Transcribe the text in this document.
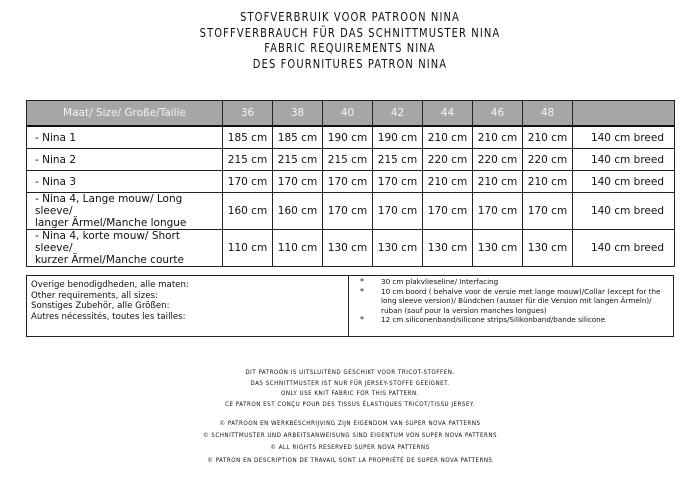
STOFVERBRUIK VOOR PATROON NINA
STOFFVERBRAUCH FÜR DAS SCHNITTMUSTER NINA
FABRIC REQUIREMENTS NINA
DES FOURNITURES PATRON NINA
Maat/ Size/ Große/Taille	36	38	40	42	44	46	48	
- Nina 1	185 cm	185 cm	190 cm	190 cm	210 cm	210 cm	210 cm	140 cm breed
- Nina 2	215 cm	215 cm	215 cm	215 cm	220 cm	220 cm	220 cm	140 cm breed
- Nina 3	170 cm	170 cm	170 cm	170 cm	210 cm	210 cm	210 cm	140 cm breed
- Nina 4, Lange mouw/ Long sleeve/
langer Ärmel/Manche longue	160 cm	160 cm	170 cm	170 cm	170 cm	170 cm	170 cm	140 cm breed
- Nina 4, korte mouw/ Short sleeve/
kurzer Ärmel/Manche courte	110 cm	110 cm	130 cm	130 cm	130 cm	130 cm	130 cm	140 cm breed
Overige benodigdheden, alle maten:
Other requirements, all sizes:
Sonstiges Zubehör, alle Größen:
Autres nécessités, toutes les tailles:
* 30 cm plakvlieseline/ Interfacing
* 10 cm boord ( behalve voor de versie met lange mouw)/Collar (except for the long sleeve version)/ Bündchen (ausser für die Version mit langen Ärmeln)/ ruban (sauf pour la version manches longues)
* 12 cm siliconenband/silicone strips/Silikonband/bande silicone
DIT PATROON IS UITSLUITEND GESCHIKT VOOR TRICOT-STOFFEN.
DAS SCHNITTMUSTER IST NUR FÜR JERSEY-STOFFE GEEIGNET.
ONLY USE KNIT FABRIC FOR THIS PATTERN.
CE PATRON EST CONÇU POUR DES TISSUS ÉLASTIQUES TRICOT/TISSU JERSEY.
© PATROON EN WERKBESCHRIJVING ZIJN EIGENDOM VAN SUPER NOVA PATTERNS
© SCHNITTMUSTER UND ARBEITSANWEISUNG SIND EIGENTUM VON SUPER NOVA PATTERNS
© ALL RIGHTS RESERVED SUPER NOVA PATTERNS
© PATRON EN DESCRIPTION DE TRAVAIL SONT LA PROPRIÉTÉ DE SUPER NOVA PATTERNS
